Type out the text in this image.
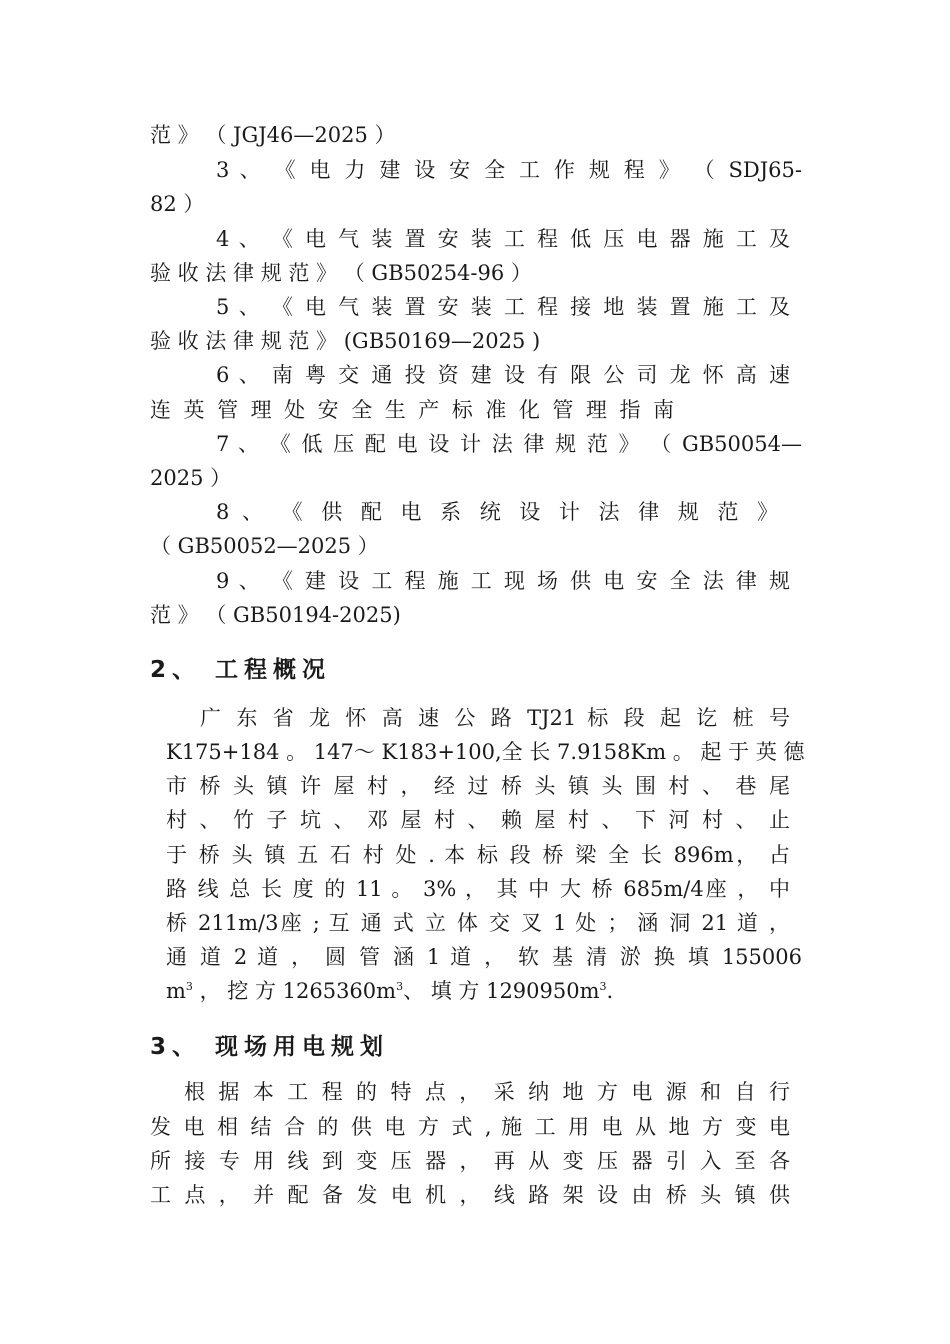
范 》 （ JGJ46—2025 ）
3 、 《 电 力 建 设 安 全 工 作 规 程 》 （ SDJ65-
82 ）
4 、 《 电 气 装 置 安 装 工 程 低 压 电 器 施 工 及
验 收 法 律 规 范 》 （ GB50254-96 ）
5 、 《 电 气 装 置 安 装 工 程 接 地 装 置 施 工 及
验 收 法 律 规 范 》 (GB50169—2025 )
6 、 南 粤 交 通 投 资 建 设 有 限 公 司 龙 怀 高 速
连 英 管 理 处 安 全 生 产 标 准 化 管 理 指 南
7 、 《 低 压 配 电 设 计 法 律 规 范 》 （ GB50054—
2025 ）
8 、 《 供 配 电 系 统 设 计 法 律 规 范 》
（ GB50052—2025 ）
9 、 《 建 设 工 程 施 工 现 场 供 电 安 全 法 律 规
范 》 （ GB50194-2025)
2、 工程概况
广 东 省 龙 怀 高 速 公 路 TJ21 标 段 起 讫 桩 号
K175+184 。 147～ K183+100,全 长 7.9158Km 。 起 于 英 德
市 桥 头 镇 许 屋 村 ， 经 过 桥 头 镇 头 围 村 、 巷 尾
村 、 竹 子 坑 、 邓 屋 村 、 赖 屋 村 、 下 河 村 、 止
于 桥 头 镇 五 石 村 处 . 本 标 段 桥 梁 全 长 896m， 占
路 线 总 长 度 的 11 。 3% ， 其 中 大 桥 685m/4座 ， 中
桥 211m/3座 ; 互 通 式 立 体 交 叉 1 处 ； 涵 洞 21 道 ，
通 道 2 道 ， 圆 管 涵 1 道 ， 软 基 清 淤 换 填 155006
$m^3$ ， 挖 方 $1265360m^3$、 填 方 $1290950m^3$.
3、 现场用电规划
根 据 本 工 程 的 特 点 ， 采 纳 地 方 电 源 和 自 行
发 电 相 结 合 的 供 电 方 式 , 施 工 用 电 从 地 方 变 电
所 接 专 用 线 到 变 压 器 ， 再 从 变 压 器 引 入 至 各
工 点 ， 并 配 备 发 电 机 ， 线 路 架 设 由 桥 头 镇 供
